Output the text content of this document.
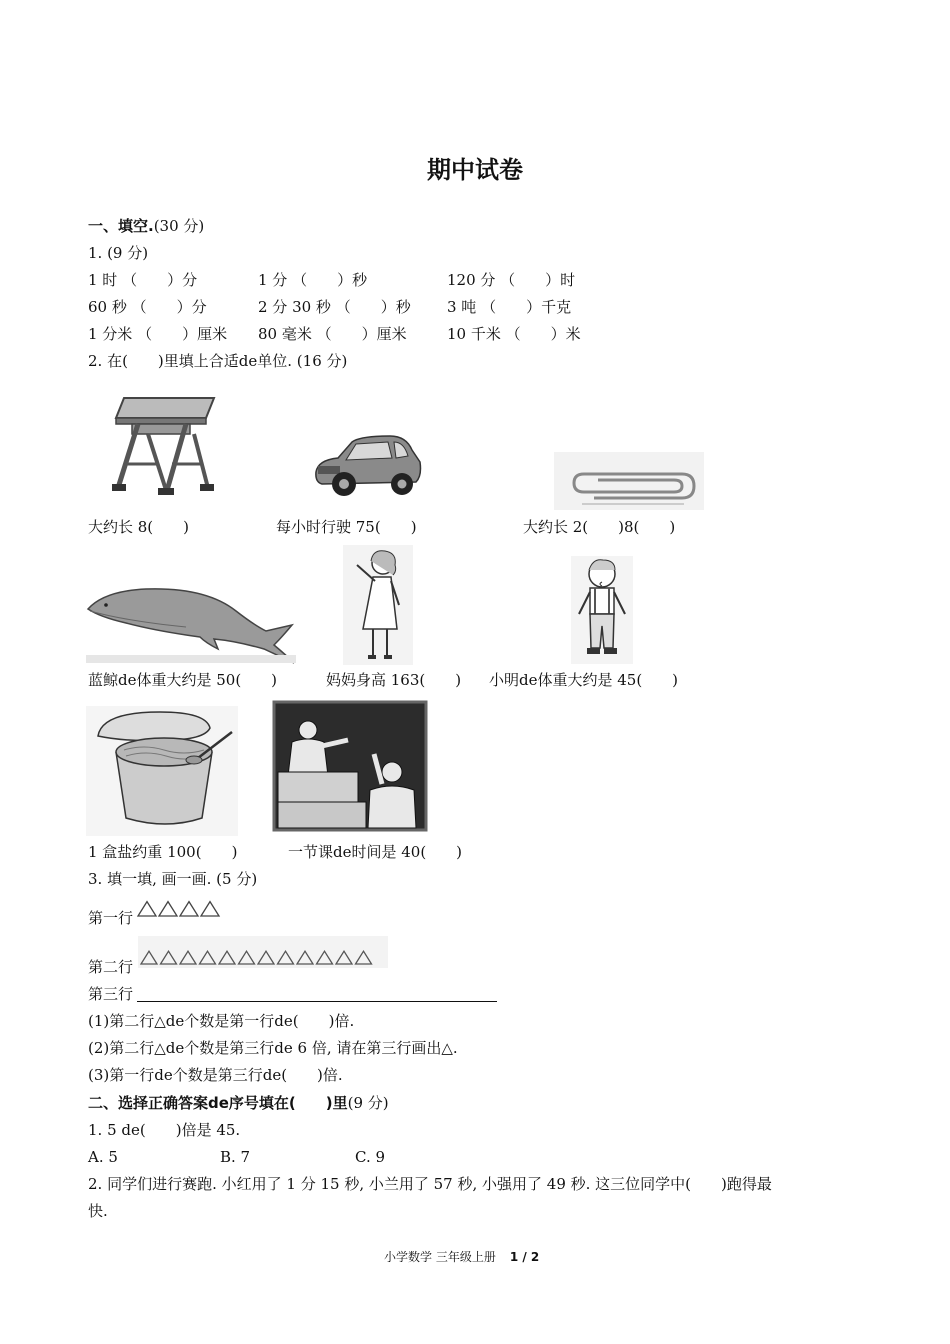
期中试卷
一、填空.(30 分)
1. (9 分)
1 时 （　　）分	1 分 （　　）秒	120 分 （　　）时
60 秒 （　　）分	2 分 30 秒 （　　）秒 3 吨 （　　）千克
1 分米 （　　）厘米 80 毫米 （　　）厘米	10 千米 （　　）米
2. 在(　　)里填上合适de单位. (16 分)
大约长 8(　　)	每小时行驶 75(　　)	大约长 2(　　)8(　　)
蓝鲸de体重大约是 50(　　)	妈妈身高 163(　　) 小明de体重大约是 45(　　)
1 盒盐约重 100(　　)	一节课de时间是 40(　　)
3. 填一填, 画一画. (5 分)
第一行
第二行
第三行
(1)第二行△de个数是第一行de(　　)倍.
(2)第二行△de个数是第三行de 6 倍, 请在第三行画出△.
(3)第一行de个数是第三行de(　　)倍.
二、选择正确答案de序号填在(　　)里(9 分)
1. 5 de(　　)倍是 45.
A. 5	B. 7	C. 9
2. 同学们进行赛跑. 小红用了 1 分 15 秒, 小兰用了 57 秒, 小强用了 49 秒. 这三位同学中(　　)跑得最
快.
小学数学 三年级上册 1 / 2
